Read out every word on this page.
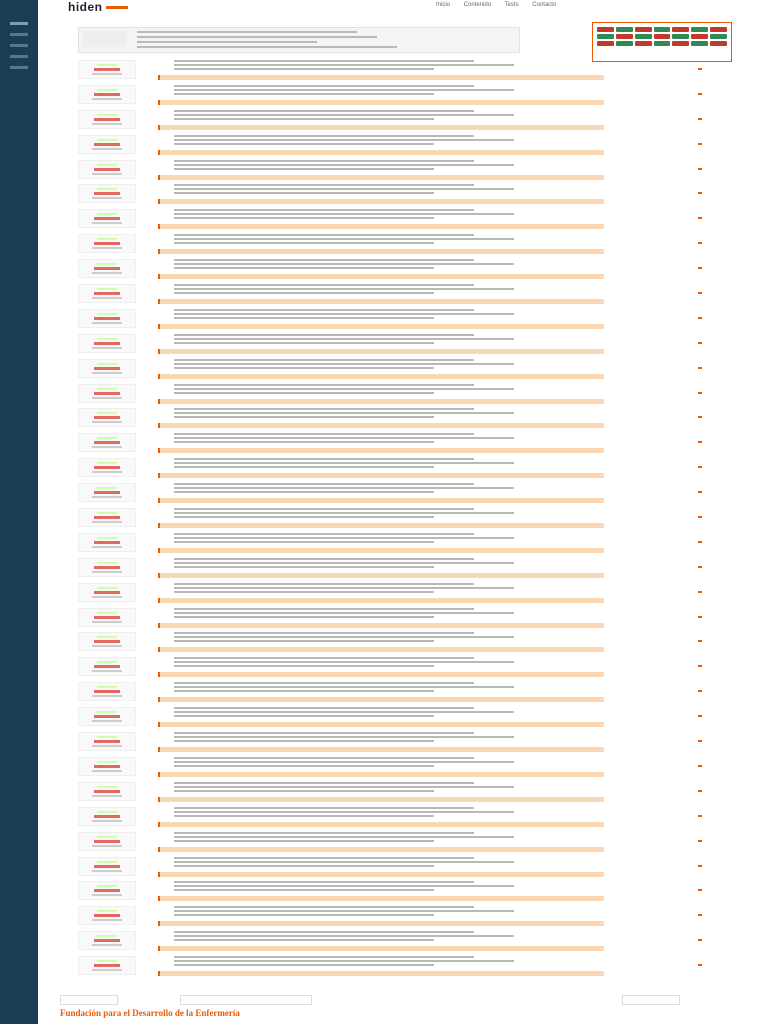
hiden	Inicio Contenido Tests Contacto
Fundación para el Desarrollo de la Enfermería
